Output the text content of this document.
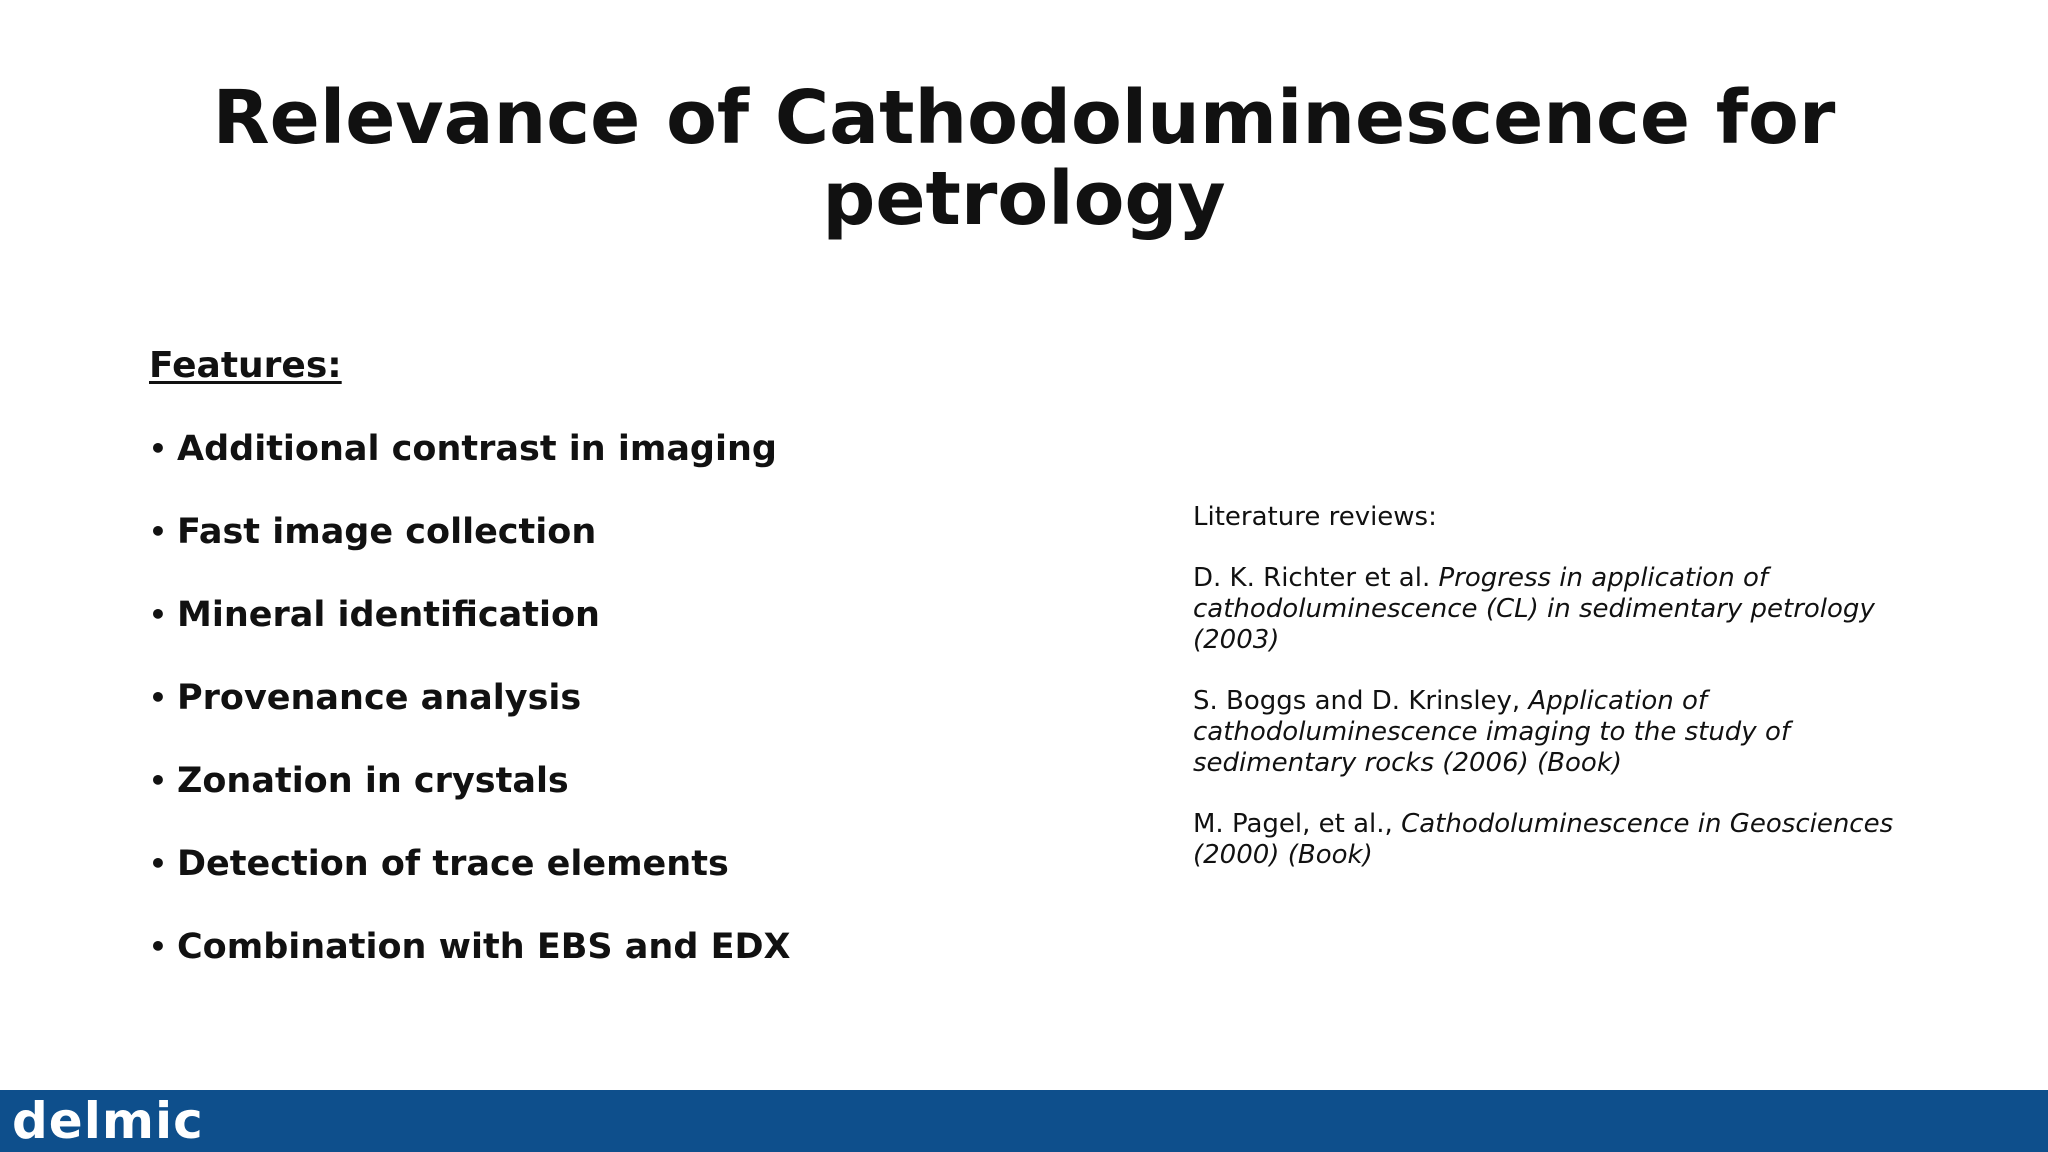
Relevance of Cathodoluminescence for petrology
Features:
• Additional contrast in imaging
• Fast image collection
• Mineral identification
• Provenance analysis
• Zonation in crystals
• Detection of trace elements
• Combination with EBS and EDX

Literature reviews:

D. K. Richter et al. Progress in application of cathodoluminescence (CL) in sedimentary petrology (2003)

S. Boggs and D. Krinsley, Application of cathodoluminescence imaging to the study of sedimentary rocks (2006) (Book)

M. Pagel, et al., Cathodoluminescence in Geosciences (2000) (Book)

delmic
